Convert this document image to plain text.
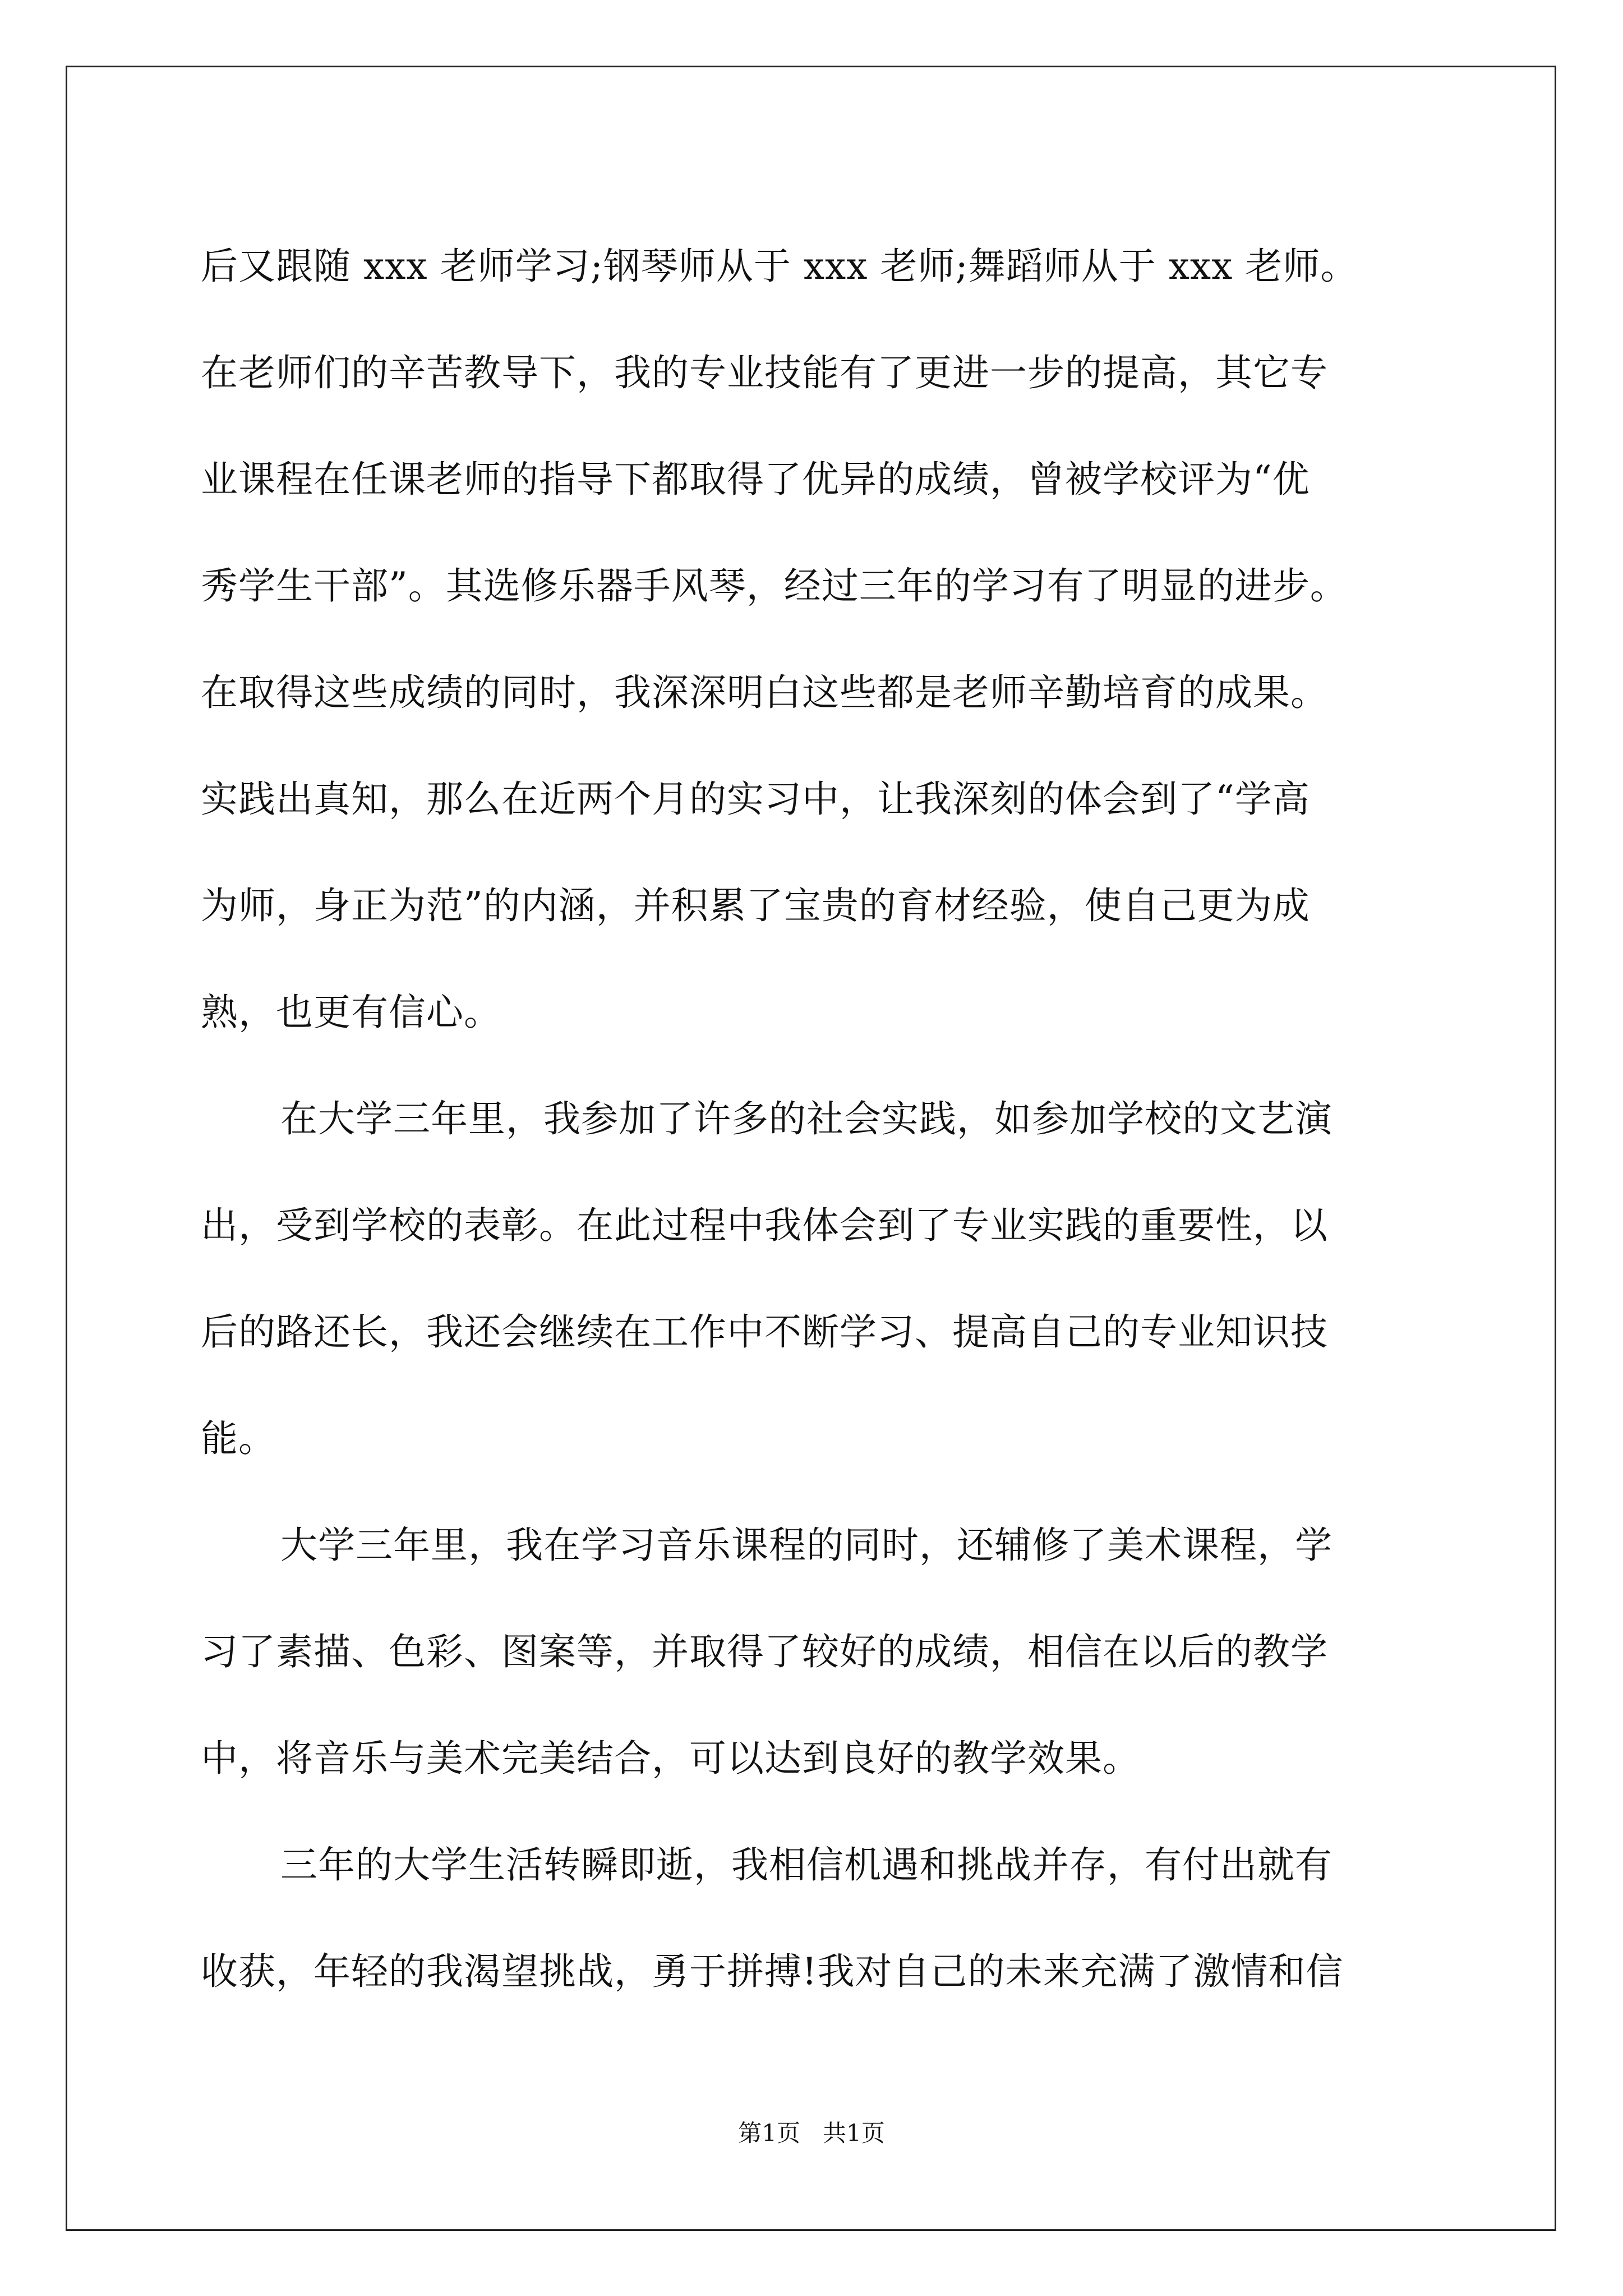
后又跟随 xxx 老师学习;钢琴师从于 xxx 老师;舞蹈师从于 xxx 老师。
在老师们的辛苦教导下，我的专业技能有了更进一步的提高，其它专
业课程在任课老师的指导下都取得了优异的成绩，曾被学校评为“优
秀学生干部”。其选修乐器手风琴，经过三年的学习有了明显的进步。
在取得这些成绩的同时，我深深明白这些都是老师辛勤培育的成果。
实践出真知，那么在近两个月的实习中，让我深刻的体会到了“学高
为师，身正为范”的内涵，并积累了宝贵的育材经验，使自己更为成
熟，也更有信心。
在大学三年里，我参加了许多的社会实践，如参加学校的文艺演
出，受到学校的表彰。在此过程中我体会到了专业实践的重要性，以
后的路还长，我还会继续在工作中不断学习、提高自己的专业知识技
能。
大学三年里，我在学习音乐课程的同时，还辅修了美术课程，学
习了素描、色彩、图案等，并取得了较好的成绩，相信在以后的教学
中，将音乐与美术完美结合，可以达到良好的教学效果。
三年的大学生活转瞬即逝，我相信机遇和挑战并存，有付出就有
收获，年轻的我渴望挑战，勇于拼搏!我对自己的未来充满了激情和信
第1页   共1页
